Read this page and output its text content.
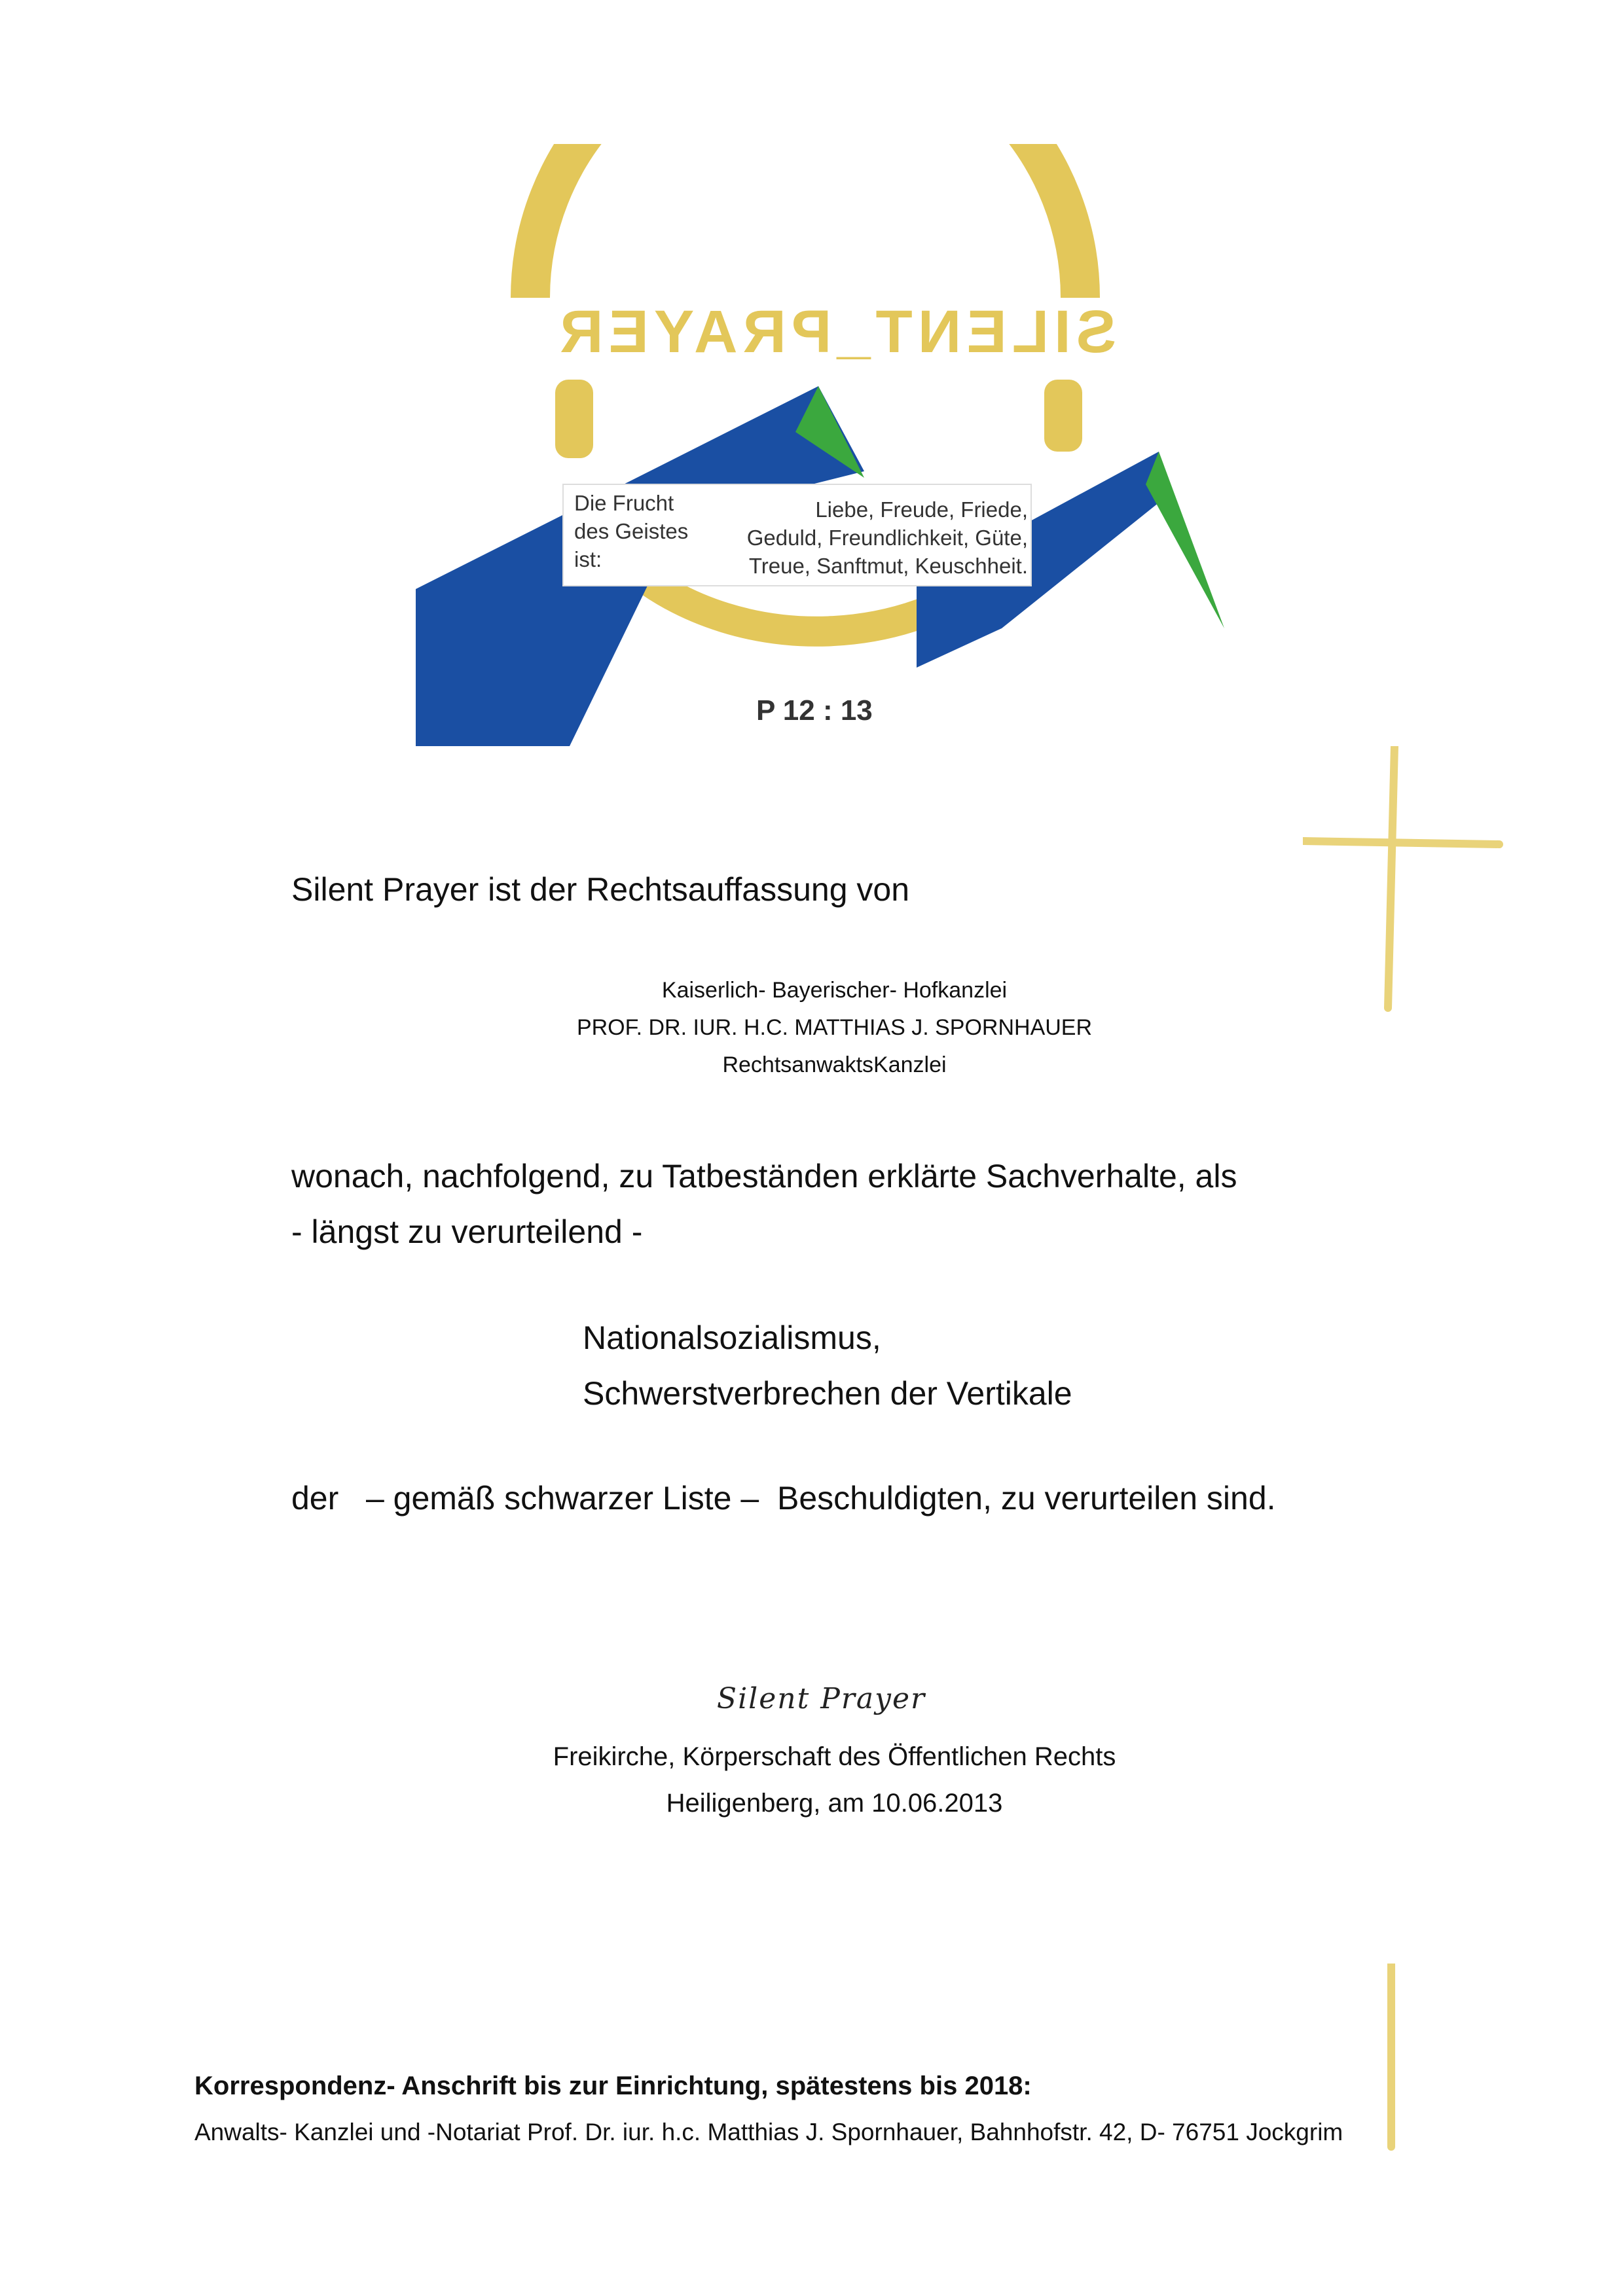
SILENT_PRAYER
Die Frucht
des Geistes
ist:
Liebe, Freude, Friede,
Geduld, Freundlichkeit, Güte,
Treue, Sanftmut, Keuschheit.
P 12 : 13
Silent Prayer ist der Rechtsauffassung von
Kaiserlich- Bayerischer- Hofkanzlei
PROF. DR. IUR. H.C. MATTHIAS J. SPORNHAUER
RechtsanwaktsKanzlei
wonach, nachfolgend, zu Tatbeständen erklärte Sachverhalte, als
- längst zu verurteilend -
Nationalsozialismus,
Schwerstverbrechen der Vertikale
der   – gemäß schwarzer Liste –  Beschuldigten, zu verurteilen sind.
Silent Prayer
Freikirche, Körperschaft des Öffentlichen Rechts
Heiligenberg, am 10.06.2013
Korrespondenz- Anschrift bis zur Einrichtung, spätestens bis 2018:
Anwalts- Kanzlei und -Notariat Prof. Dr. iur. h.c. Matthias J. Spornhauer, Bahnhofstr. 42, D- 76751 Jockgrim
